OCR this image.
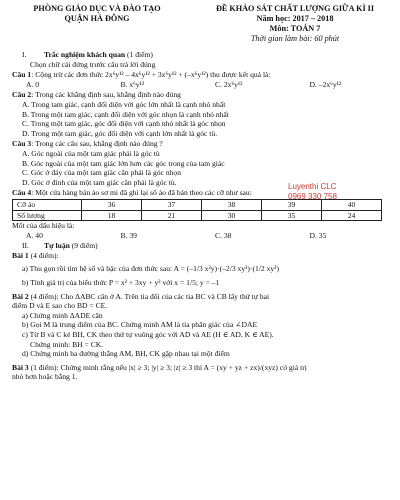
PHÒNG GIÁO DỤC VÀ ĐÀO TẠO
QUẬN HÀ ĐÔNG
ĐỀ KHẢO SÁT CHẤT LƯỢNG GIỮA KÌ II
Năm học: 2017 – 2018
Môn: TOÁN 7
Thời gian làm bài: 60 phút
I.	Trắc nghiệm khách quan (1 điểm)
Chọn chữ cái đứng trước câu trả lời đúng
Câu 1: Cộng trừ các đơn thức 2x⁶y¹² – 4x⁶y¹² + 3x⁶y¹² + (–x⁶y¹²) thu được kết quả là:
A. 0	B. x⁶y¹²	C. 2x⁶y¹²	D. –2x⁶y¹²
Câu 2: Trong các khẳng định sau, khẳng định nào đúng
A. Trong tam giác, cạnh đối diện với góc lớn nhất là cạnh nhỏ nhất
B. Trong một tam giác, cạnh đối diện với góc nhọn là cạnh nhỏ nhất
C. Trong một tam giác, góc đối diện với cạnh nhỏ nhất là góc nhọn
D. Trong một tam giác, góc đối diện với cạnh lớn nhất là góc tù.
Câu 3: Trong các câu sau, khẳng định nào đúng ?
A. Góc ngoài của một tam giác phải là góc tù
B. Góc ngoài của một tam giác lớn hơn các góc trong của tam giác
C. Góc ở đáy của một tam giác cân phải là góc nhọn
D. Góc ở đỉnh của một tam giác cân phải là góc tù.
Câu 4: Một cửa hàng bán áo sơ mi đã ghi lại số áo đã bán theo các cỡ như sau:
Cỡ áo	36	37	38	39	40
Số lượng	18	21	30	35	24
Mốt của dấu hiệu là:
A. 40	B. 39	C. 38	D. 35
Luyenthi CLC
0969 330 758
II.	Tự luận (9 điểm)
Bài 1 (4 điểm):
a) Thu gọn rồi tìm hệ số và bậc của đơn thức sau: A = (–1/3 x²y)·(–2/3 xy³)·(1/2 xy²)
b) Tính giá trị của biểu thức P = x² + 3xy + y² với x = 1/5; y = –1
Bài 2 (4 điểm): Cho ΔABC cân ở A. Trên tia đối của các tia BC và CB lấy thứ tự hai
điểm D và E sao cho BD = CE.
a) Chứng minh ΔADE cân
b) Gọi M là trung điểm của BC. Chứng minh AM là tia phân giác của ∠DAE
c) Từ B và C kẻ BH, CK theo thứ tự vuông góc với AD và AE (H ∈ AD, K ∈ AE).
Chứng minh: BH = CK.
d) Chứng minh ba đường thẳng AM, BH, CK gặp nhau tại một điểm
Bài 3 (1 điểm): Chứng minh rằng nếu |x| ≥ 3; |y| ≥ 3; |z| ≥ 3 thì A = (xy + yz + zx)/(xyz) có giá trị
nhỏ hơn hoặc bằng 1.
